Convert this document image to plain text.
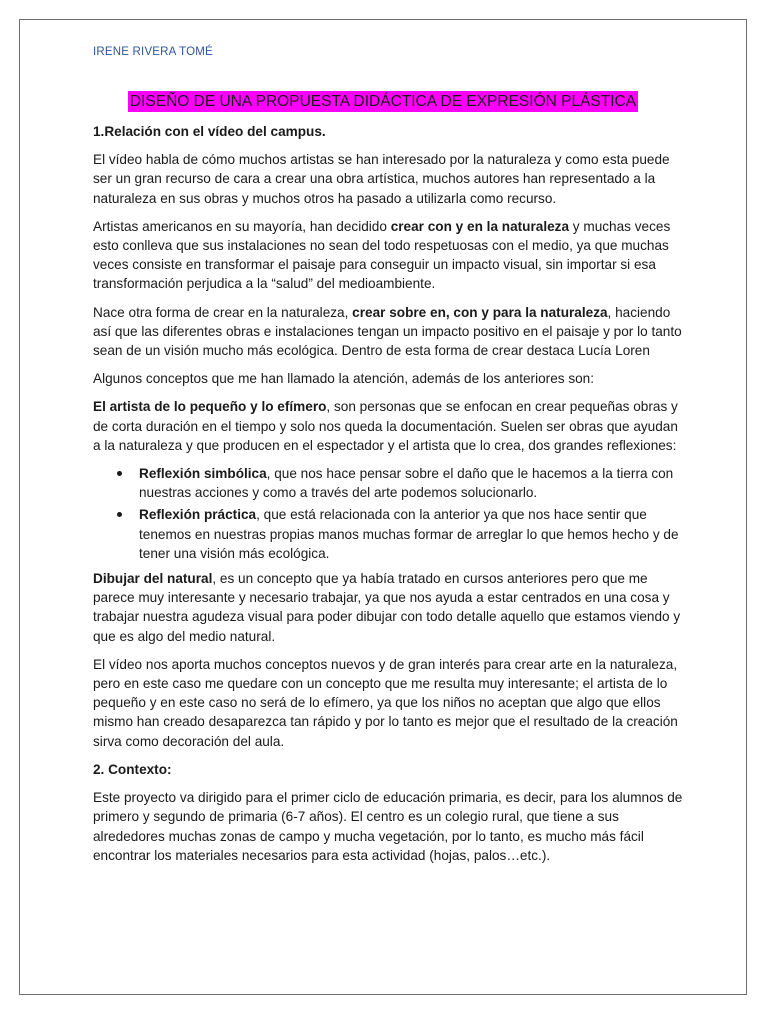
IRENE RIVERA TOMÉ
DISEÑO DE UNA PROPUESTA DIDÁCTICA DE EXPRESIÓN PLÁSTICA
1.Relación con el vídeo del campus.

El vídeo habla de cómo muchos artistas se han interesado por la naturaleza y como esta puede ser un gran recurso de cara a crear una obra artística, muchos autores han representado a la naturaleza en sus obras y muchos otros ha pasado a utilizarla como recurso.

Artistas americanos en su mayoría, han decidido crear con y en la naturaleza y muchas veces esto conlleva que sus instalaciones no sean del todo respetuosas con el medio, ya que muchas veces consiste en transformar el paisaje para conseguir un impacto visual, sin importar si esa transformación perjudica a la “salud” del medioambiente.

Nace otra forma de crear en la naturaleza, crear sobre en, con y para la naturaleza, haciendo así que las diferentes obras e instalaciones tengan un impacto positivo en el paisaje y por lo tanto sean de un visión mucho más ecológica. Dentro de esta forma de crear destaca Lucía Loren

Algunos conceptos que me han llamado la atención, además de los anteriores son:

El artista de lo pequeño y lo efímero, son personas que se enfocan en crear pequeñas obras y de corta duración en el tiempo y solo nos queda la documentación. Suelen ser obras que ayudan a la naturaleza y que producen en el espectador y el artista que lo crea, dos grandes reflexiones:

Reflexión simbólica, que nos hace pensar sobre el daño que le hacemos a la tierra con nuestras acciones y como a través del arte podemos solucionarlo.
Reflexión práctica, que está relacionada con la anterior ya que nos hace sentir que tenemos en nuestras propias manos muchas formar de arreglar lo que hemos hecho y de tener una visión más ecológica.

Dibujar del natural, es un concepto que ya había tratado en cursos anteriores pero que me parece muy interesante y necesario trabajar, ya que nos ayuda a estar centrados en una cosa y trabajar nuestra agudeza visual para poder dibujar con todo detalle aquello que estamos viendo y que es algo del medio natural.

El vídeo nos aporta muchos conceptos nuevos y de gran interés para crear arte en la naturaleza, pero en este caso me quedare con un concepto que me resulta muy interesante; el artista de lo pequeño y en este caso no será de lo efímero, ya que los niños no aceptan que algo que ellos mismo han creado desaparezca tan rápido y por lo tanto es mejor que el resultado de la creación sirva como decoración del aula.

2. Contexto:

Este proyecto va dirigido para el primer ciclo de educación primaria, es decir, para los alumnos de primero y segundo de primaria (6-7 años). El centro es un colegio rural, que tiene a sus alrededores muchas zonas de campo y mucha vegetación, por lo tanto, es mucho más fácil encontrar los materiales necesarios para esta actividad (hojas, palos…etc.).
